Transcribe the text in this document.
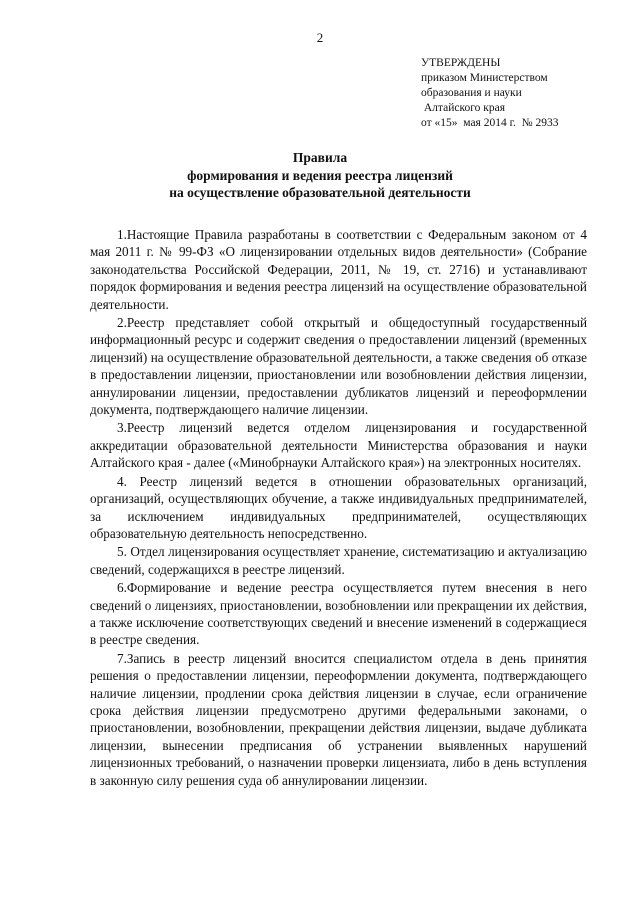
2
УТВЕРЖДЕНЫ
приказом Министерством
образования и науки
Алтайского края
от «15»  мая 2014 г.  № 2933
Правила
формирования и ведения реестра лицензий
на осуществление образовательной деятельности

1.Настоящие Правила разработаны в соответствии с Федеральным законом от 4 мая 2011 г. № 99-ФЗ «О лицензировании отдельных видов деятельности» (Собрание законодательства Российской Федерации, 2011, № 19, ст. 2716) и устанавливают порядок формирования и ведения реестра лицензий на осуществление образовательной деятельности.

2.Реестр представляет собой открытый и общедоступный государственный информационный ресурс и содержит сведения о предоставлении лицензий (временных лицензий) на осуществление образовательной деятельности, а также сведения об отказе в предоставлении лицензии, приостановлении или возобновлении действия лицензии, аннулировании лицензии, предоставлении дубликатов лицензий и переоформлении документа, подтверждающего наличие лицензии.

3.Реестр лицензий ведется отделом лицензирования и государственной аккредитации образовательной деятельности Министерства образования и науки Алтайского края - далее («Минобрнауки Алтайского края») на электронных носителях.

4. Реестр лицензий ведется в отношении образовательных организаций, организаций, осуществляющих обучение, а также индивидуальных предпринимателей, за исключением индивидуальных предпринимателей, осуществляющих образовательную деятельность непосредственно.

5. Отдел лицензирования осуществляет хранение, систематизацию и актуализацию сведений, содержащихся в реестре лицензий.

6.Формирование и ведение реестра осуществляется путем внесения в него сведений о лицензиях, приостановлении, возобновлении или прекращении их действия, а также исключение соответствующих сведений и внесение изменений в содержащиеся в реестре сведения.

7.Запись в реестр лицензий вносится специалистом отдела в день принятия решения о предоставлении лицензии, переоформлении документа, подтверждающего наличие лицензии, продлении срока действия лицензии в случае, если ограничение срока действия лицензии предусмотрено другими федеральными законами, о приостановлении, возобновлении, прекращении действия лицензии, выдаче дубликата лицензии, вынесении предписания об устранении выявленных нарушений лицензионных требований, о назначении проверки лицензиата, либо в день вступления в законную силу решения суда об аннулировании лицензии.
